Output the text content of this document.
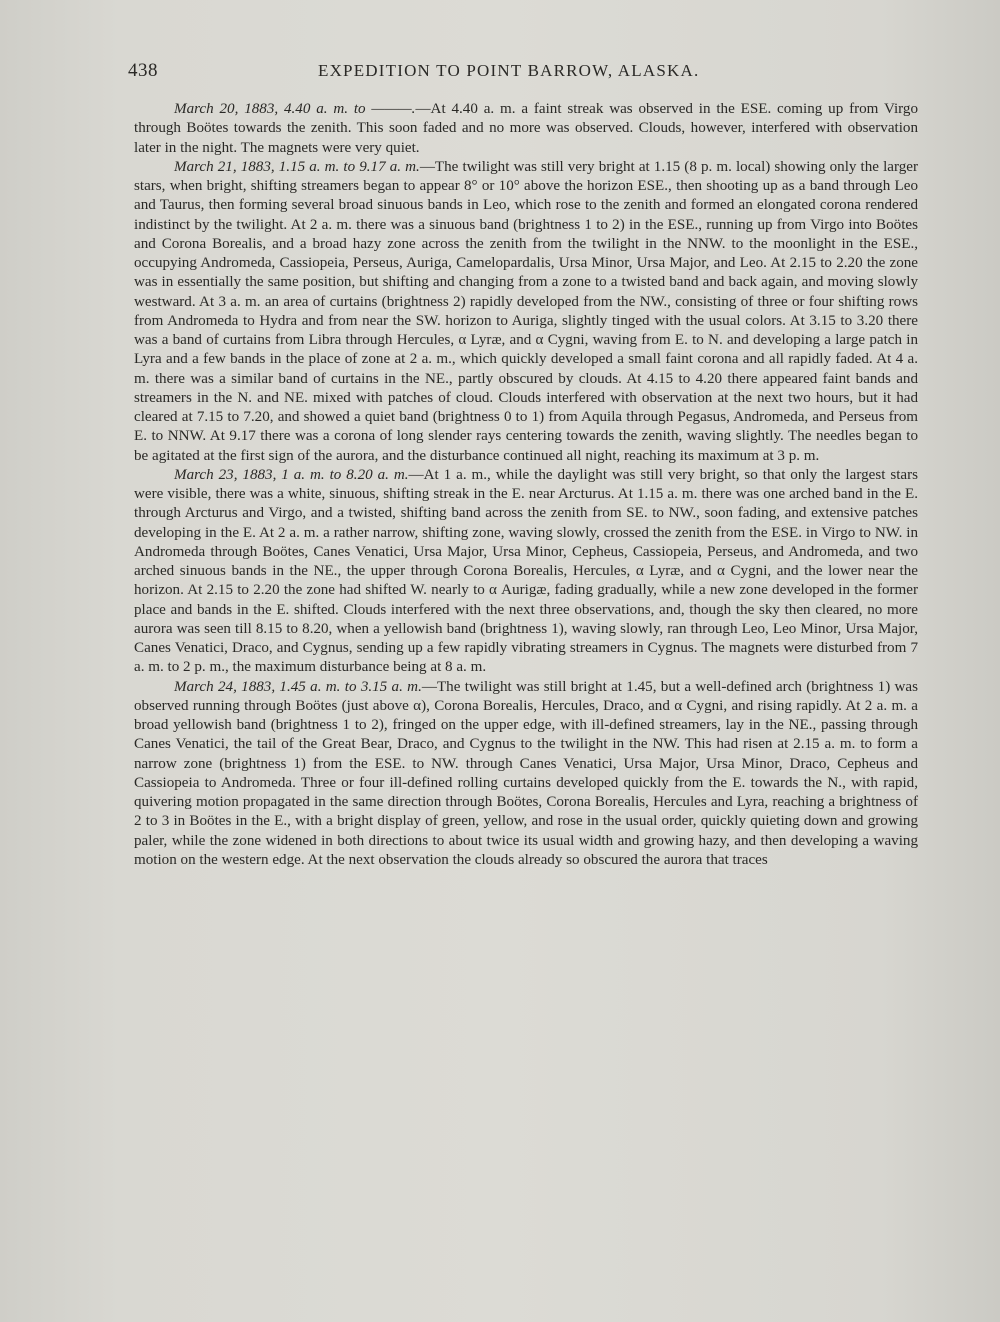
438	EXPEDITION TO POINT BARROW, ALASKA.

March 20, 1883, 4.40 a. m. to ———.—At 4.40 a. m. a faint streak was observed in the ESE. coming up from Virgo through Boötes towards the zenith. This soon faded and no more was observed. Clouds, however, interfered with observation later in the night. The magnets were very quiet.

March 21, 1883, 1.15 a. m. to 9.17 a. m.—The twilight was still very bright at 1.15 (8 p. m. local) showing only the larger stars, when bright, shifting streamers began to appear 8° or 10° above the horizon ESE., then shooting up as a band through Leo and Taurus, then forming several broad sinuous bands in Leo, which rose to the zenith and formed an elongated corona rendered indistinct by the twilight. At 2 a. m. there was a sinuous band (brightness 1 to 2) in the ESE., running up from Virgo into Boötes and Corona Borealis, and a broad hazy zone across the zenith from the twilight in the NNW. to the moonlight in the ESE., occupying Andromeda, Cassiopeia, Perseus, Auriga, Camelopardalis, Ursa Minor, Ursa Major, and Leo. At 2.15 to 2.20 the zone was in essentially the same position, but shifting and changing from a zone to a twisted band and back again, and moving slowly westward. At 3 a. m. an area of curtains (brightness 2) rapidly developed from the NW., consisting of three or four shifting rows from Andromeda to Hydra and from near the SW. horizon to Auriga, slightly tinged with the usual colors. At 3.15 to 3.20 there was a band of curtains from Libra through Hercules, α Lyræ, and α Cygni, waving from E. to N. and developing a large patch in Lyra and a few bands in the place of zone at 2 a. m., which quickly developed a small faint corona and all rapidly faded. At 4 a. m. there was a similar band of curtains in the NE., partly obscured by clouds. At 4.15 to 4.20 there appeared faint bands and streamers in the N. and NE. mixed with patches of cloud. Clouds interfered with observation at the next two hours, but it had cleared at 7.15 to 7.20, and showed a quiet band (brightness 0 to 1) from Aquila through Pegasus, Andromeda, and Perseus from E. to NNW. At 9.17 there was a corona of long slender rays centering towards the zenith, waving slightly. The needles began to be agitated at the first sign of the aurora, and the disturbance continued all night, reaching its maximum at 3 p. m.

March 23, 1883, 1 a. m. to 8.20 a. m.—At 1 a. m., while the daylight was still very bright, so that only the largest stars were visible, there was a white, sinuous, shifting streak in the E. near Arcturus. At 1.15 a. m. there was one arched band in the E. through Arcturus and Virgo, and a twisted, shifting band across the zenith from SE. to NW., soon fading, and extensive patches developing in the E. At 2 a. m. a rather narrow, shifting zone, waving slowly, crossed the zenith from the ESE. in Virgo to NW. in Andromeda through Boötes, Canes Venatici, Ursa Major, Ursa Minor, Cepheus, Cassiopeia, Perseus, and Andromeda, and two arched sinuous bands in the NE., the upper through Corona Borealis, Hercules, α Lyræ, and α Cygni, and the lower near the horizon. At 2.15 to 2.20 the zone had shifted W. nearly to α Aurigæ, fading gradually, while a new zone developed in the former place and bands in the E. shifted. Clouds interfered with the next three observations, and, though the sky then cleared, no more aurora was seen till 8.15 to 8.20, when a yellowish band (brightness 1), waving slowly, ran through Leo, Leo Minor, Ursa Major, Canes Venatici, Draco, and Cygnus, sending up a few rapidly vibrating streamers in Cygnus. The magnets were disturbed from 7 a. m. to 2 p. m., the maximum disturbance being at 8 a. m.

March 24, 1883, 1.45 a. m. to 3.15 a. m.—The twilight was still bright at 1.45, but a well-defined arch (brightness 1) was observed running through Boötes (just above α), Corona Borealis, Hercules, Draco, and α Cygni, and rising rapidly. At 2 a. m. a broad yellowish band (brightness 1 to 2), fringed on the upper edge, with ill-defined streamers, lay in the NE., passing through Canes Venatici, the tail of the Great Bear, Draco, and Cygnus to the twilight in the NW. This had risen at 2.15 a. m. to form a narrow zone (brightness 1) from the ESE. to NW. through Canes Venatici, Ursa Major, Ursa Minor, Draco, Cepheus and Cassiopeia to Andromeda. Three or four ill-defined rolling curtains developed quickly from the E. towards the N., with rapid, quivering motion propagated in the same direction through Boötes, Corona Borealis, Hercules and Lyra, reaching a brightness of 2 to 3 in Boötes in the E., with a bright display of green, yellow, and rose in the usual order, quickly quieting down and growing paler, while the zone widened in both directions to about twice its usual width and growing hazy, and then developing a waving motion on the western edge. At the next observation the clouds already so obscured the aurora that traces
